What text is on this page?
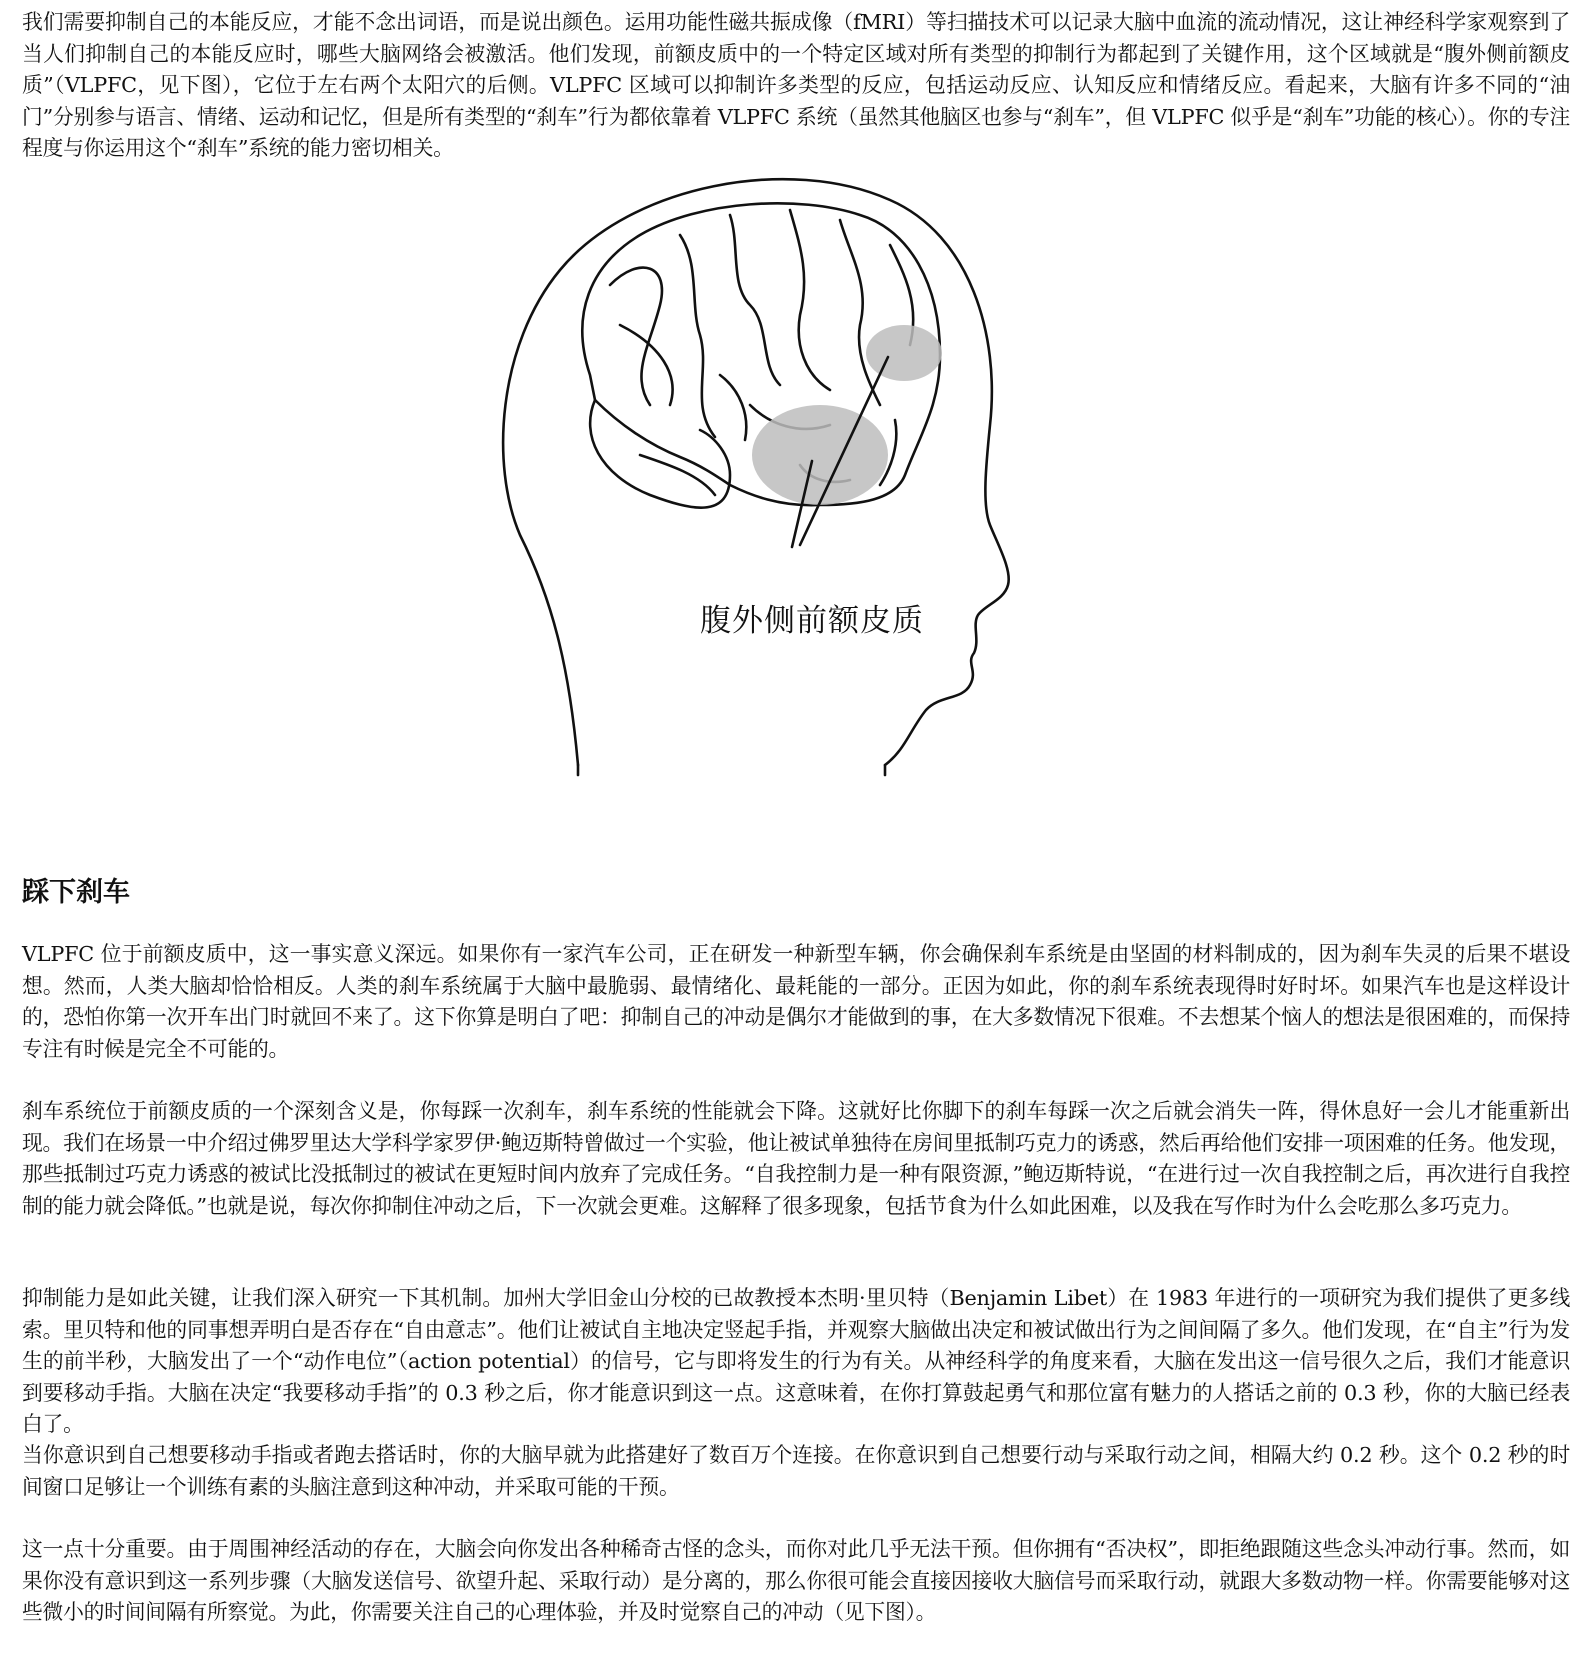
我们需要抑制自己的本能反应，才能不念出词语，而是说出颜色。运用功能性磁共振成像（fMRI）等扫描技术可以记录大脑中血流的流动情况，这让神经科学家观察到了当人们抑制自己的本能反应时，哪些大脑网络会被激活。他们发现，前额皮质中的一个特定区域对所有类型的抑制行为都起到了关键作用，这个区域就是“腹外侧前额皮质”（VLPFC，见下图），它位于左右两个太阳穴的后侧。VLPFC 区域可以抑制许多类型的反应，包括运动反应、认知反应和情绪反应。看起来，大脑有许多不同的“油门”分别参与语言、情绪、运动和记忆，但是所有类型的“刹车”行为都依靠着 VLPFC 系统（虽然其他脑区也参与“刹车”，但 VLPFC 似乎是“刹车”功能的核心）。你的专注程度与你运用这个“刹车”系统的能力密切相关。

腹外侧前额皮质
踩下刹车

VLPFC 位于前额皮质中，这一事实意义深远。如果你有一家汽车公司，正在研发一种新型车辆，你会确保刹车系统是由坚固的材料制成的，因为刹车失灵的后果不堪设想。然而，人类大脑却恰恰相反。人类的刹车系统属于大脑中最脆弱、最情绪化、最耗能的一部分。正因为如此，你的刹车系统表现得时好时坏。如果汽车也是这样设计的，恐怕你第一次开车出门时就回不来了。这下你算是明白了吧：抑制自己的冲动是偶尔才能做到的事，在大多数情况下很难。不去想某个恼人的想法是很困难的，而保持专注有时候是完全不可能的。

刹车系统位于前额皮质的一个深刻含义是，你每踩一次刹车，刹车系统的性能就会下降。这就好比你脚下的刹车每踩一次之后就会消失一阵，得休息好一会儿才能重新出现。我们在场景一中介绍过佛罗里达大学科学家罗伊·鲍迈斯特曾做过一个实验，他让被试单独待在房间里抵制巧克力的诱惑，然后再给他们安排一项困难的任务。他发现，那些抵制过巧克力诱惑的被试比没抵制过的被试在更短时间内放弃了完成任务。“自我控制力是一种有限资源，”鲍迈斯特说，“在进行过一次自我控制之后，再次进行自我控制的能力就会降低。”也就是说，每次你抑制住冲动之后，下一次就会更难。这解释了很多现象，包括节食为什么如此困难，以及我在写作时为什么会吃那么多巧克力。

抑制能力是如此关键，让我们深入研究一下其机制。加州大学旧金山分校的已故教授本杰明·里贝特（Benjamin Libet）在 1983 年进行的一项研究为我们提供了更多线索。里贝特和他的同事想弄明白是否存在“自由意志”。他们让被试自主地决定竖起手指，并观察大脑做出决定和被试做出行为之间间隔了多久。他们发现，在“自主”行为发生的前半秒，大脑发出了一个“动作电位”（action potential）的信号，它与即将发生的行为有关。从神经科学的角度来看，大脑在发出这一信号很久之后，我们才能意识到要移动手指。大脑在决定“我要移动手指”的 0.3 秒之后，你才能意识到这一点。这意味着，在你打算鼓起勇气和那位富有魅力的人搭话之前的 0.3 秒，你的大脑已经表白了。

当你意识到自己想要移动手指或者跑去搭话时，你的大脑早就为此搭建好了数百万个连接。在你意识到自己想要行动与采取行动之间，相隔大约 0.2 秒。这个 0.2 秒的时间窗口足够让一个训练有素的头脑注意到这种冲动，并采取可能的干预。

这一点十分重要。由于周围神经活动的存在，大脑会向你发出各种稀奇古怪的念头，而你对此几乎无法干预。但你拥有“否决权”，即拒绝跟随这些念头冲动行事。然而，如果你没有意识到这一系列步骤（大脑发送信号、欲望升起、采取行动）是分离的，那么你很可能会直接因接收大脑信号而采取行动，就跟大多数动物一样。你需要能够对这些微小的时间间隔有所察觉。为此，你需要关注自己的心理体验，并及时觉察自己的冲动（见下图）。
